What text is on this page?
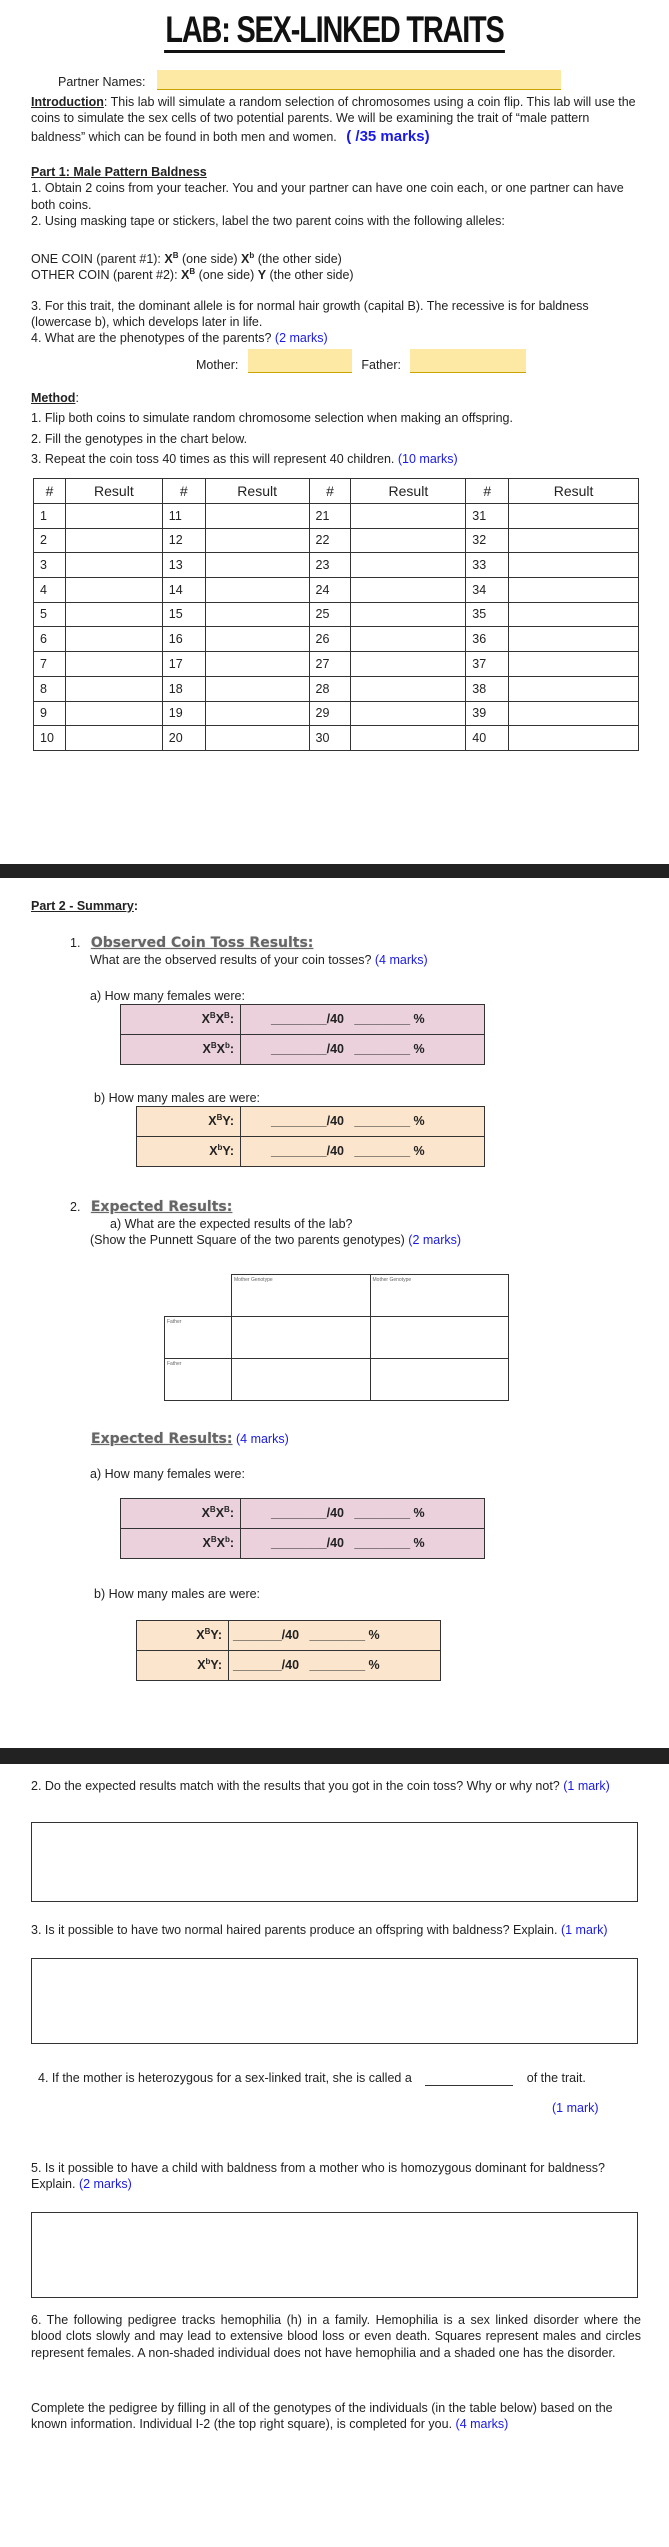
LAB: SEX-LINKED TRAITS
Partner Names:
Introduction: This lab will simulate a random selection of chromosomes using a coin flip. This lab will use the coins to simulate the sex cells of two potential parents. We will be examining the trait of “male pattern baldness” which can be found in both men and women. ( /35 marks)
Part 1: Male Pattern Baldness
1. Obtain 2 coins from your teacher. You and your partner can have one coin each, or one partner can have both coins.
2. Using masking tape or stickers, label the two parent coins with the following alleles:
ONE COIN (parent #1): $X^B$ (one side) $X^b$ (the other side)
OTHER COIN (parent #2): $X^B$ (one side) Y (the other side)
3. For this trait, the dominant allele is for normal hair growth (capital B). The recessive is for baldness (lowercase b), which develops later in life.
4. What are the phenotypes of the parents? (2 marks)
Mother:	Father:
Method:
1. Flip both coins to simulate random chromosome selection when making an offspring.
2. Fill the genotypes in the chart below.
3. Repeat the coin toss 40 times as this will represent 40 children. (10 marks)
#	Result	#	Result	#	Result	#	Result
1		11		21		31	
2		12		22		32	
3		13		23		33	
4		14		24		34	
5		15		25		35	
6		16		26		36	
7		17		27		37	
8		18		28		38	
9		19		29		39	
10		20		30		40	
Part 2 - Summary:
1. Observed Coin Toss Results:
What are the observed results of your coin tosses? (4 marks)
a) How many females were:
$X^BX^B$:	________/40 ________ %
$X^BX^b$:	________/40 ________ %
b) How many males are were:
$X^BY$:	________/40 ________ %
$X^bY$:	________/40 ________ %
2. Expected Results:
a) What are the expected results of the lab?
(Show the Punnett Square of the two parents genotypes) (2 marks)
	Mother Genotype	Mother Genotype
Father		
Father		
Expected Results: (4 marks)
a) How many females were:
$X^BX^B$:	________/40 ________ %
$X^BX^b$:	________/40 ________ %
b) How many males are were:
$X^BY$:	_______/40 ________ %
$X^bY$:	_______/40 ________ %
2. Do the expected results match with the results that you got in the coin toss? Why or why not? (1 mark)
3. Is it possible to have two normal haired parents produce an offspring with baldness? Explain. (1 mark)
4. If the mother is heterozygous for a sex-linked trait, she is called a	of the trait.
(1 mark)
5. Is it possible to have a child with baldness from a mother who is homozygous dominant for baldness? Explain. (2 marks)
6. The following pedigree tracks hemophilia (h) in a family. Hemophilia is a sex linked disorder where the blood clots slowly and may lead to extensive blood loss or even death. Squares represent males and circles represent females. A non-shaded individual does not have hemophilia and a shaded one has the disorder.
Complete the pedigree by filling in all of the genotypes of the individuals (in the table below) based on the known information. Individual I-2 (the top right square), is completed for you. (4 marks)
